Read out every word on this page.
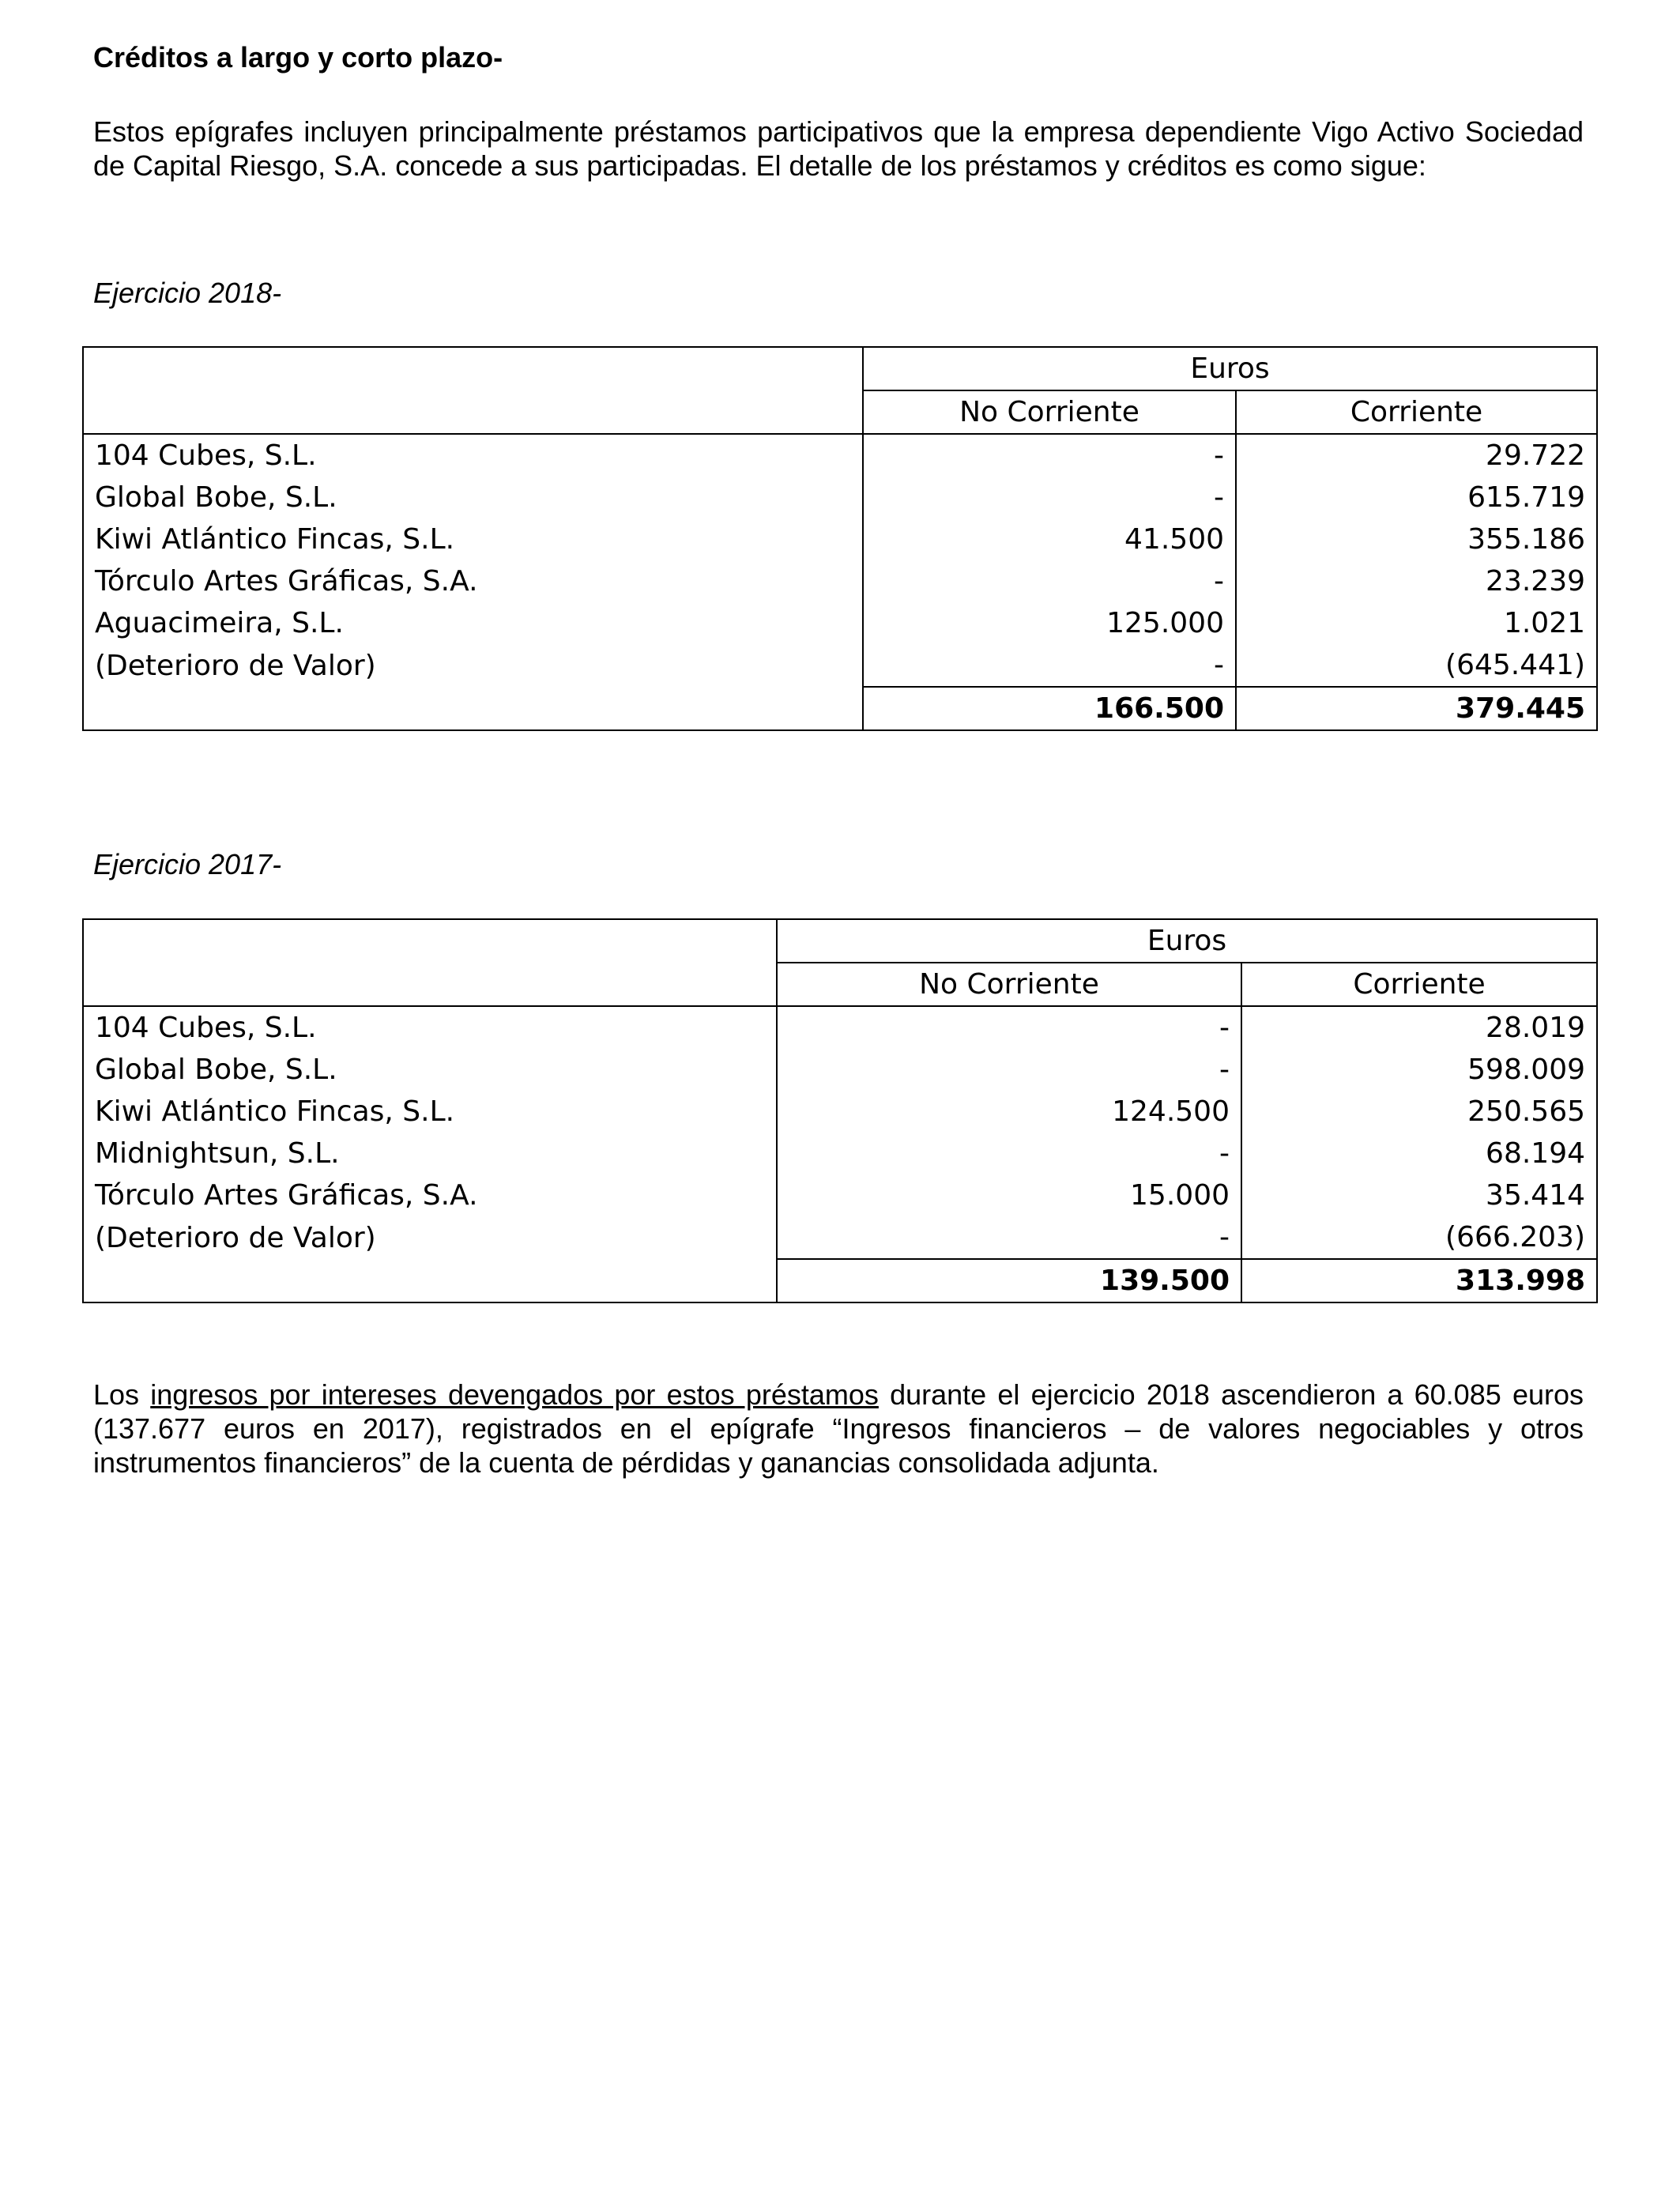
Créditos a largo y corto plazo-
Estos epígrafes incluyen principalmente préstamos participativos que la empresa dependiente Vigo Activo Sociedad de Capital Riesgo, S.A. concede a sus participadas. El detalle de los préstamos y créditos es como sigue:
Ejercicio 2018-
	Euros	
	No Corriente	Corriente
104 Cubes, S.L.	-	29.722
Global Bobe, S.L.	-	615.719
Kiwi Atlántico Fincas, S.L.	41.500	355.186
Tórculo Artes Gráficas, S.A.	-	23.239
Aguacimeira, S.L.	125.000	1.021
(Deterioro de Valor)	-	(645.441)
	166.500	379.445
Ejercicio 2017-
	Euros	
	No Corriente	Corriente
104 Cubes, S.L.	-	28.019
Global Bobe, S.L.	-	598.009
Kiwi Atlántico Fincas, S.L.	124.500	250.565
Midnightsun, S.L.	-	68.194
Tórculo Artes Gráficas, S.A.	15.000	35.414
(Deterioro de Valor)	-	(666.203)
	139.500	313.998
Los ingresos por intereses devengados por estos préstamos durante el ejercicio 2018 ascendieron a 60.085 euros (137.677 euros en 2017), registrados en el epígrafe “Ingresos financieros – de valores negociables y otros instrumentos financieros” de la cuenta de pérdidas y ganancias consolidada adjunta.
